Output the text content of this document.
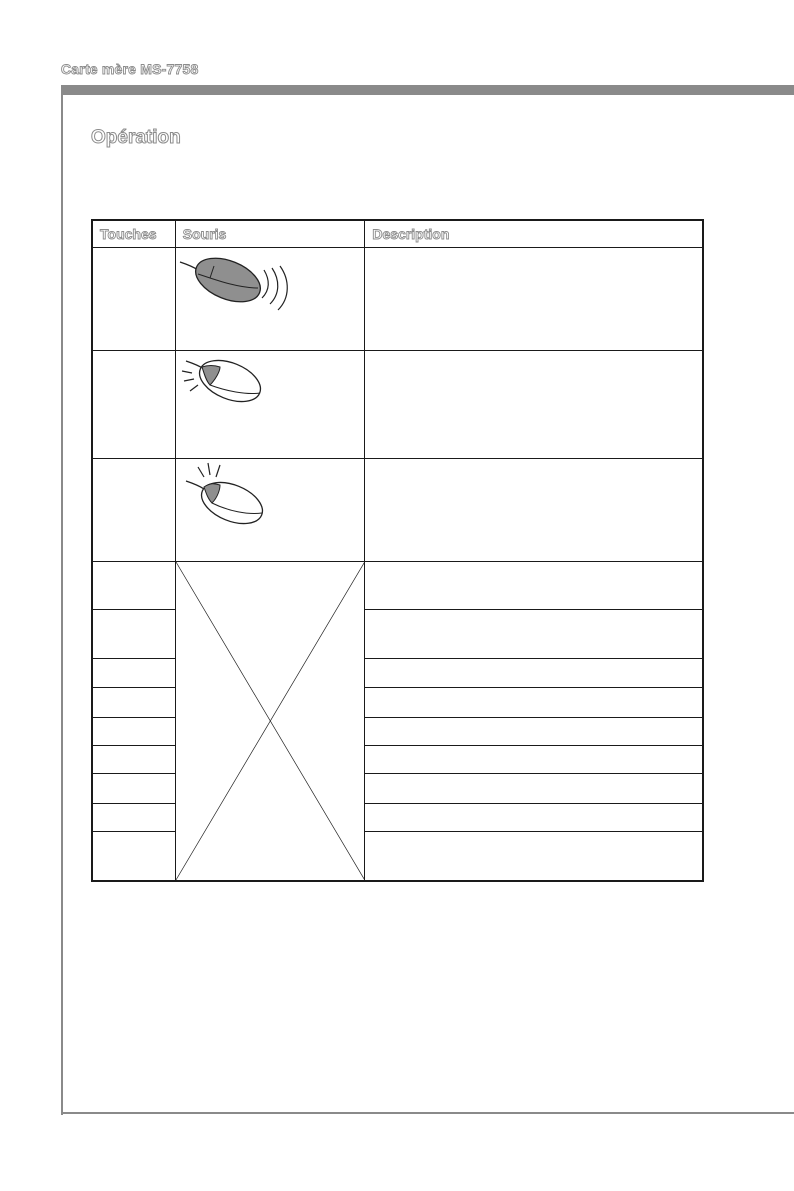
Carte mère MS-7758
Opération
Touches	Souris	Description
